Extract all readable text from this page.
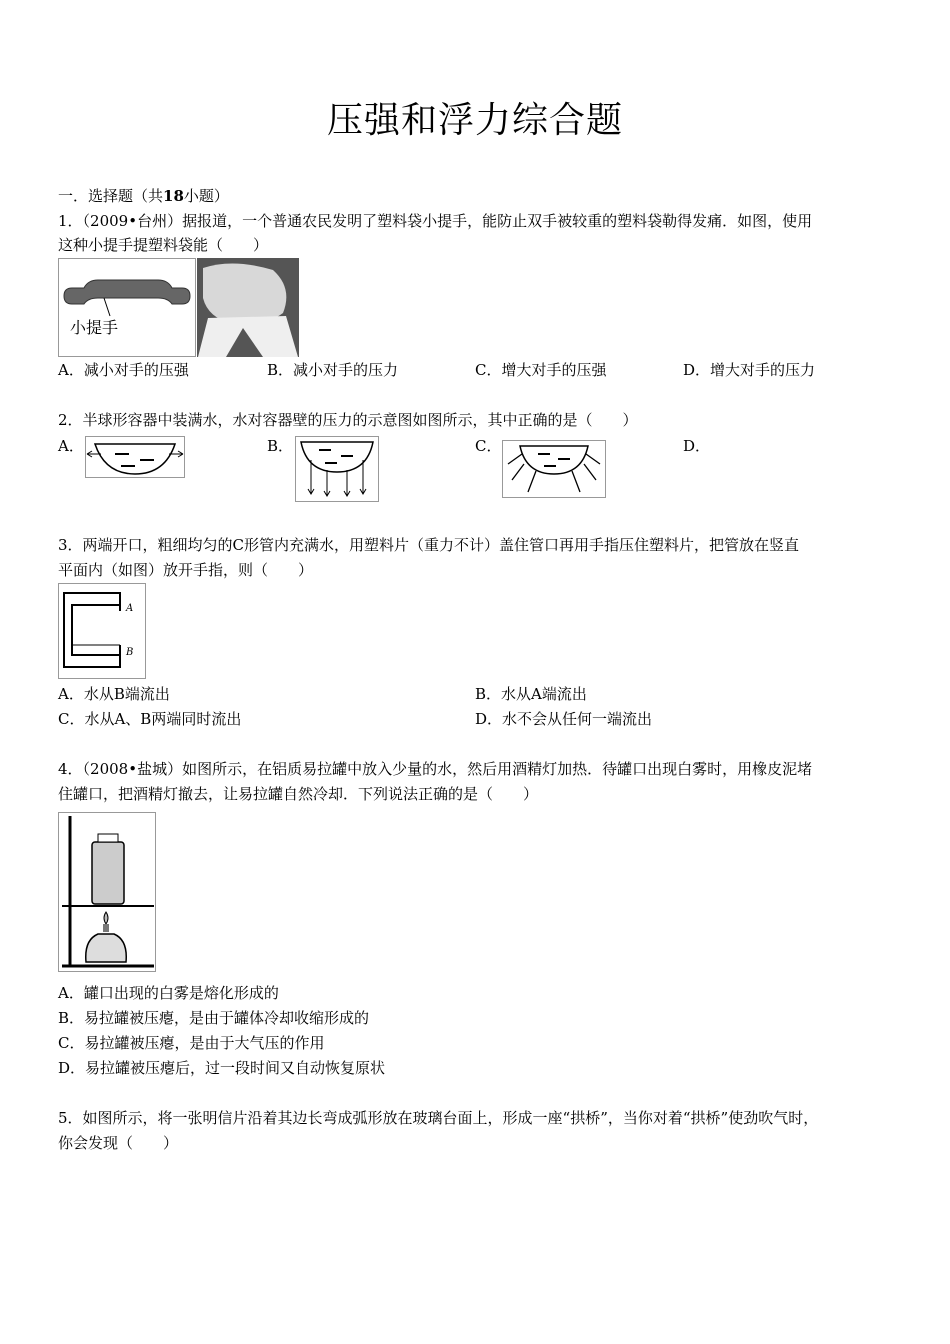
压强和浮力综合题
一．选择题（共18小题）
1．（2009•台州）据报道，一个普通农民发明了塑料袋小提手，能防止双手被较重的塑料袋勒得发痛．如图，使用
这种小提手提塑料袋能（　　）
小提手
A．减小对手的压强	B．减小对手的压力	C．增大对手的压强	D．增大对手的压力
2．半球形容器中装满水，水对容器壁的压力的示意图如图所示，其中正确的是（　　）
A．	B．	C．	D．
3．两端开口，粗细均匀的C形管内充满水，用塑料片（重力不计）盖住管口再用手指压住塑料片，把管放在竖直
平面内（如图）放开手指，则（　　）
A
B
A．水从B端流出	B．水从A端流出
C．水从A、B两端同时流出	D．水不会从任何一端流出
4．（2008•盐城）如图所示，在铝质易拉罐中放入少量的水，然后用酒精灯加热．待罐口出现白雾时，用橡皮泥堵
住罐口，把酒精灯撤去，让易拉罐自然冷却．下列说法正确的是（　　）
A．罐口出现的白雾是熔化形成的
B．易拉罐被压瘪，是由于罐体冷却收缩形成的
C．易拉罐被压瘪，是由于大气压的作用
D．易拉罐被压瘪后，过一段时间又自动恢复原状
5．如图所示，将一张明信片沿着其边长弯成弧形放在玻璃台面上，形成一座“拱桥”，当你对着“拱桥”使劲吹气时，
你会发现（　　）
